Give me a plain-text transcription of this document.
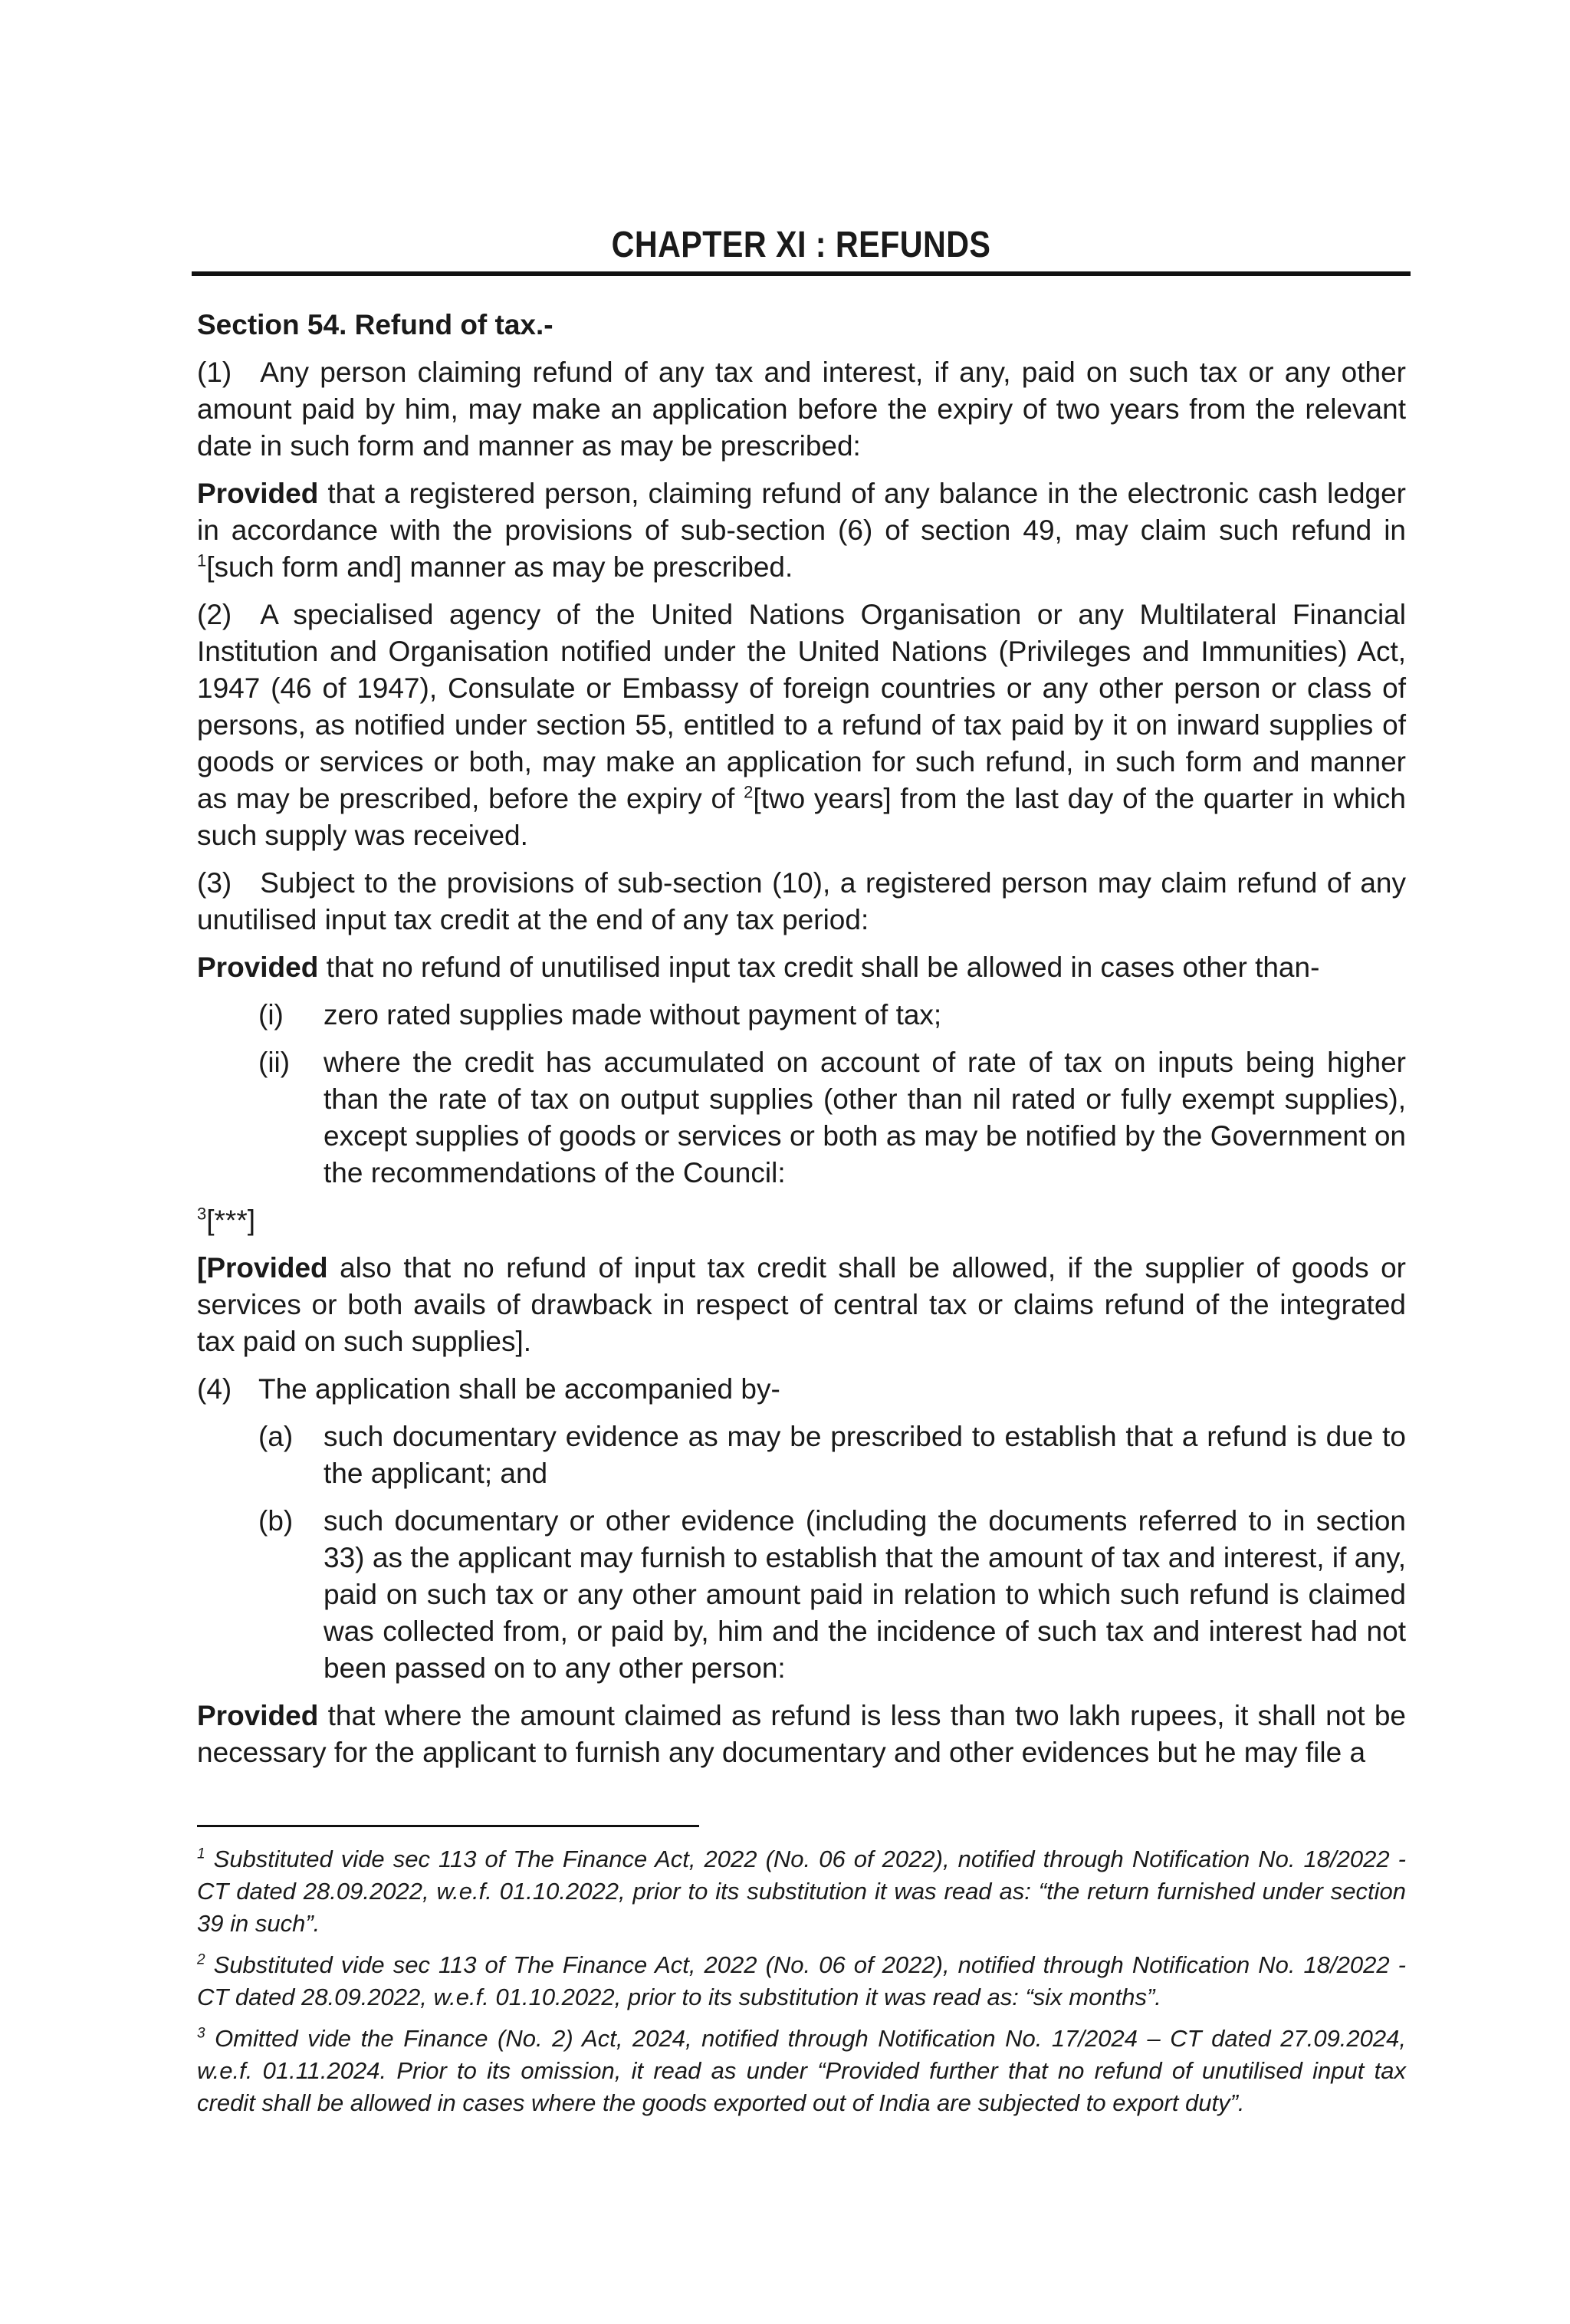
CHAPTER XI : REFUNDS

Section 54. Refund of tax.-

(1) Any person claiming refund of any tax and interest, if any, paid on such tax or any other amount paid by him, may make an application before the expiry of two years from the relevant date in such form and manner as may be prescribed:

Provided that a registered person, claiming refund of any balance in the electronic cash ledger in accordance with the provisions of sub-section (6) of section 49, may claim such refund in $^1$[such form and] manner as may be prescribed.

(2) A specialised agency of the United Nations Organisation or any Multilateral Financial Institution and Organisation notified under the United Nations (Privileges and Immunities) Act, 1947 (46 of 1947), Consulate or Embassy of foreign countries or any other person or class of persons, as notified under section 55, entitled to a refund of tax paid by it on inward supplies of goods or services or both, may make an application for such refund, in such form and manner as may be prescribed, before the expiry of $^2$[two years] from the last day of the quarter in which such supply was received.

(3) Subject to the provisions of sub-section (10), a registered person may claim refund of any unutilised input tax credit at the end of any tax period:

Provided that no refund of unutilised input tax credit shall be allowed in cases other than-

(i) zero rated supplies made without payment of tax;
(ii) where the credit has accumulated on account of rate of tax on inputs being higher than the rate of tax on output supplies (other than nil rated or fully exempt supplies), except supplies of goods or services or both as may be notified by the Government on the recommendations of the Council:

$^3$[***]

[Provided also that no refund of input tax credit shall be allowed, if the supplier of goods or services or both avails of drawback in respect of central tax or claims refund of the integrated tax paid on such supplies].

(4) The application shall be accompanied by-
(a) such documentary evidence as may be prescribed to establish that a refund is due to the applicant; and
(b) such documentary or other evidence (including the documents referred to in section 33) as the applicant may furnish to establish that the amount of tax and interest, if any, paid on such tax or any other amount paid in relation to which such refund is claimed was collected from, or paid by, him and the incidence of such tax and interest had not been passed on to any other person:

Provided that where the amount claimed as refund is less than two lakh rupees, it shall not be necessary for the applicant to furnish any documentary and other evidences but he may file a

$^1$ Substituted vide sec 113 of The Finance Act, 2022 (No. 06 of 2022), notified through Notification No. 18/2022 - CT dated 28.09.2022, w.e.f. 01.10.2022, prior to its substitution it was read as: “the return furnished under section 39 in such”.

$^2$ Substituted vide sec 113 of The Finance Act, 2022 (No. 06 of 2022), notified through Notification No. 18/2022 - CT dated 28.09.2022, w.e.f. 01.10.2022, prior to its substitution it was read as: “six months”.

$^3$ Omitted vide the Finance (No. 2) Act, 2024, notified through Notification No. 17/2024 – CT dated 27.09.2024, w.e.f. 01.11.2024. Prior to its omission, it read as under “Provided further that no refund of unutilised input tax credit shall be allowed in cases where the goods exported out of India are subjected to export duty”.
